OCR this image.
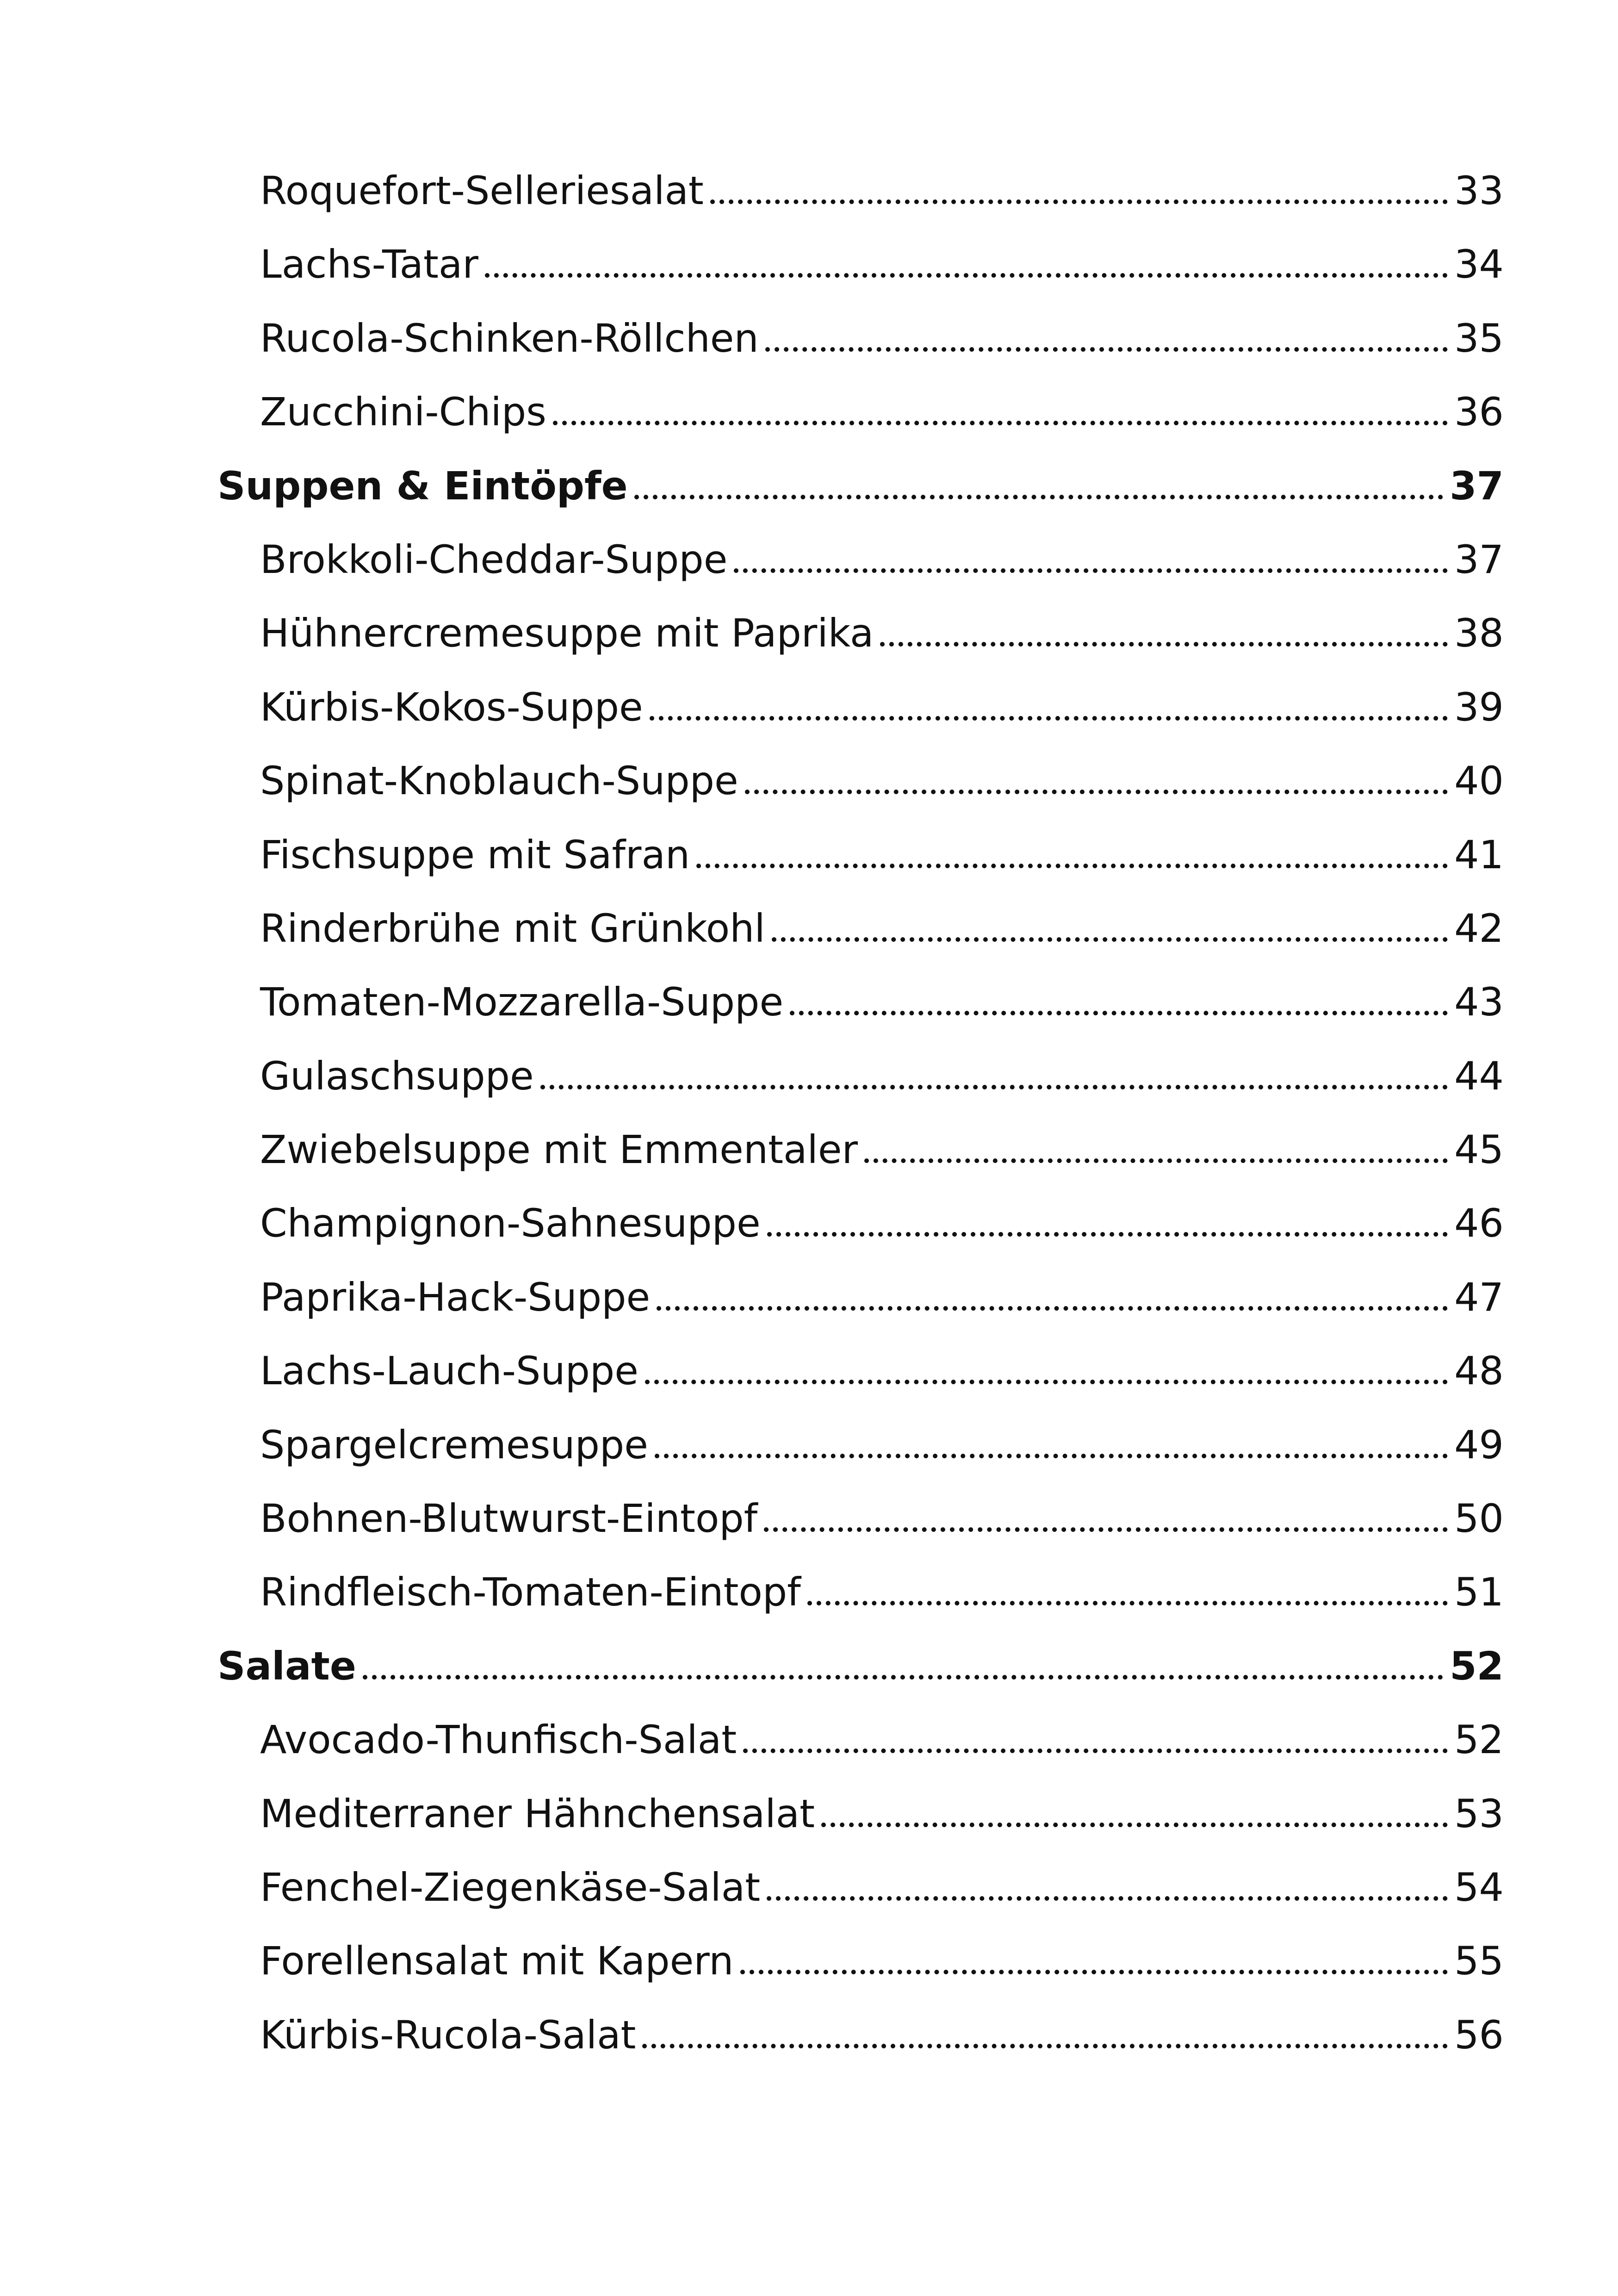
Roquefort-Selleriesalat	33
Lachs-Tatar	34
Rucola-Schinken-Röllchen	35
Zucchini-Chips	36
Suppen & Eintöpfe	37
Brokkoli-Cheddar-Suppe	37
Hühnercremesuppe mit Paprika	38
Kürbis-Kokos-Suppe	39
Spinat-Knoblauch-Suppe	40
Fischsuppe mit Safran	41
Rinderbrühe mit Grünkohl	42
Tomaten-Mozzarella-Suppe	43
Gulaschsuppe	44
Zwiebelsuppe mit Emmentaler	45
Champignon-Sahnesuppe	46
Paprika-Hack-Suppe	47
Lachs-Lauch-Suppe	48
Spargelcremesuppe	49
Bohnen-Blutwurst-Eintopf	50
Rindfleisch-Tomaten-Eintopf	51
Salate	52
Avocado-Thunfisch-Salat	52
Mediterraner Hähnchensalat	53
Fenchel-Ziegenkäse-Salat	54
Forellensalat mit Kapern	55
Kürbis-Rucola-Salat	56
